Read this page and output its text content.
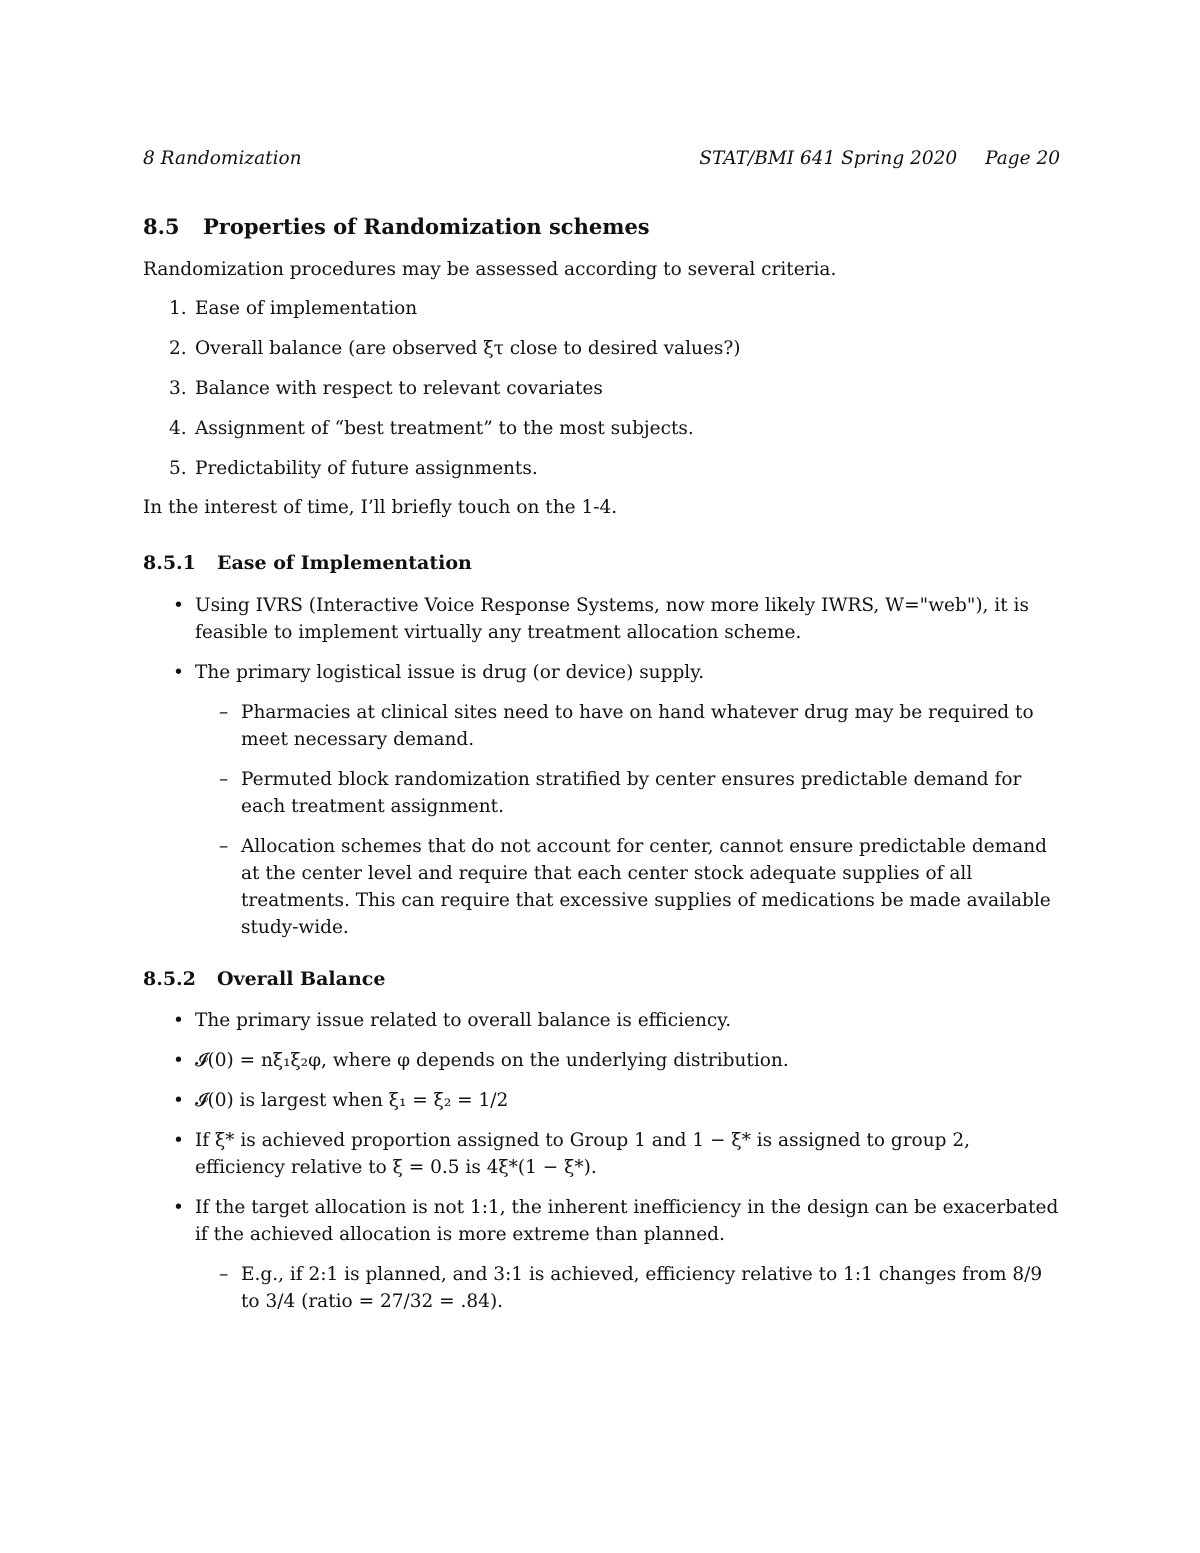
8 Randomization	STAT/BMI 641 Spring 2020 Page 20
8.5 Properties of Randomization schemes

Randomization procedures may be assessed according to several criteria.

1. Ease of implementation
2. Overall balance (are observed ξτ close to desired values?)
3. Balance with respect to relevant covariates
4. Assignment of “best treatment” to the most subjects.
5. Predictability of future assignments.

In the interest of time, I’ll briefly touch on the 1-4.

8.5.1 Ease of Implementation
• Using IVRS (Interactive Voice Response Systems, now more likely IWRS, W="web"), it is feasible to implement virtually any treatment allocation scheme.
• The primary logistical issue is drug (or device) supply.
– Pharmacies at clinical sites need to have on hand whatever drug may be required to meet necessary demand.
– Permuted block randomization stratified by center ensures predictable demand for each treatment assignment.
– Allocation schemes that do not account for center, cannot ensure predictable demand at the center level and require that each center stock adequate supplies of all treatments. This can require that excessive supplies of medications be made available study-wide.
8.5.2 Overall Balance
• The primary issue related to overall balance is efficiency.
• 𝓘(0) = nξ₁ξ₂φ, where φ depends on the underlying distribution.
• 𝓘(0) is largest when ξ₁ = ξ₂ = 1/2
• If ξ* is achieved proportion assigned to Group 1 and 1 − ξ* is assigned to group 2, efficiency relative to ξ = 0.5 is 4ξ*(1 − ξ*).
• If the target allocation is not 1:1, the inherent inefficiency in the design can be exacerbated if the achieved allocation is more extreme than planned.
– E.g., if 2:1 is planned, and 3:1 is achieved, efficiency relative to 1:1 changes from 8/9 to 3/4 (ratio = 27/32 = .84).
